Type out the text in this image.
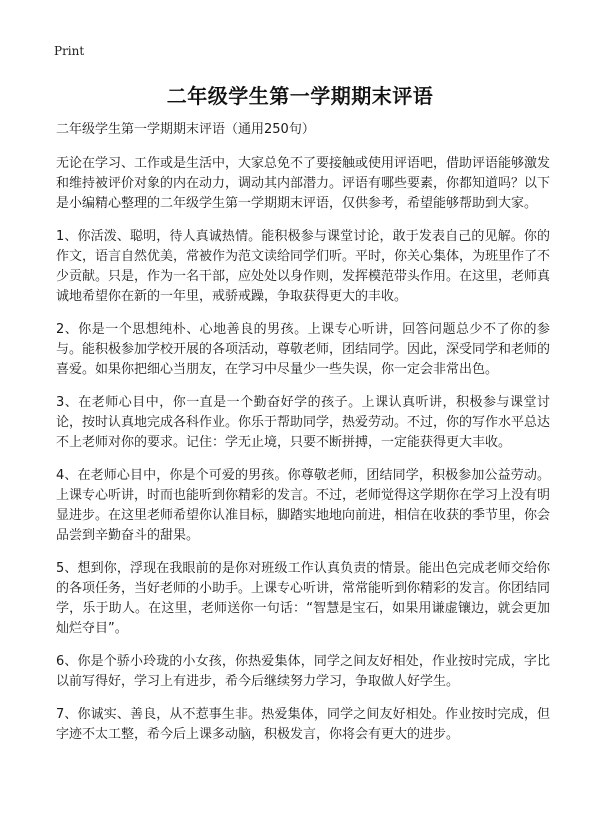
Print
二年级学生第一学期期末评语

二年级学生第一学期期末评语（通用250句）

无论在学习、工作或是生活中，大家总免不了要接触或使用评语吧，借助评语能够激发和维持被评价对象的内在动力，调动其内部潜力。评语有哪些要素，你都知道吗？以下是小编精心整理的二年级学生第一学期期末评语，仅供参考，希望能够帮助到大家。

1、你活泼、聪明，待人真诚热情。能积极参与课堂讨论，敢于发表自己的见解。你的作文，语言自然优美，常被作为范文读给同学们听。平时，你关心集体，为班里作了不少贡献。只是，作为一名干部，应处处以身作则，发挥模范带头作用。在这里，老师真诚地希望你在新的一年里，戒骄戒躁，争取获得更大的丰收。

2、你是一个思想纯朴、心地善良的男孩。上课专心听讲，回答问题总少不了你的参与。能积极参加学校开展的各项活动，尊敬老师，团结同学。因此，深受同学和老师的喜爱。如果你把细心当朋友，在学习中尽量少一些失误，你一定会非常出色。

3、在老师心目中，你一直是一个勤奋好学的孩子。上课认真听讲，积极参与课堂讨论，按时认真地完成各科作业。你乐于帮助同学，热爱劳动。不过，你的写作水平总达不上老师对你的要求。记住：学无止境，只要不断拼搏，一定能获得更大丰收。

4、在老师心目中，你是个可爱的男孩。你尊敬老师，团结同学，积极参加公益劳动。上课专心听讲，时而也能听到你精彩的发言。不过，老师觉得这学期你在学习上没有明显进步。在这里老师希望你认准目标，脚踏实地地向前进，相信在收获的季节里，你会品尝到辛勤奋斗的甜果。

5、想到你，浮现在我眼前的是你对班级工作认真负责的情景。能出色完成老师交给你的各项任务，当好老师的小助手。上课专心听讲，常常能听到你精彩的发言。你团结同学，乐于助人。在这里，老师送你一句话：“智慧是宝石，如果用谦虚镶边，就会更加灿烂夺目”。

6、你是个骄小玲珑的小女孩，你热爱集体，同学之间友好相处，作业按时完成，字比以前写得好，学习上有进步，希今后继续努力学习，争取做人好学生。

7、你诚实、善良，从不惹事生非。热爱集体，同学之间友好相处。作业按时完成，但字迹不太工整，希今后上课多动脑，积极发言，你将会有更大的进步。
